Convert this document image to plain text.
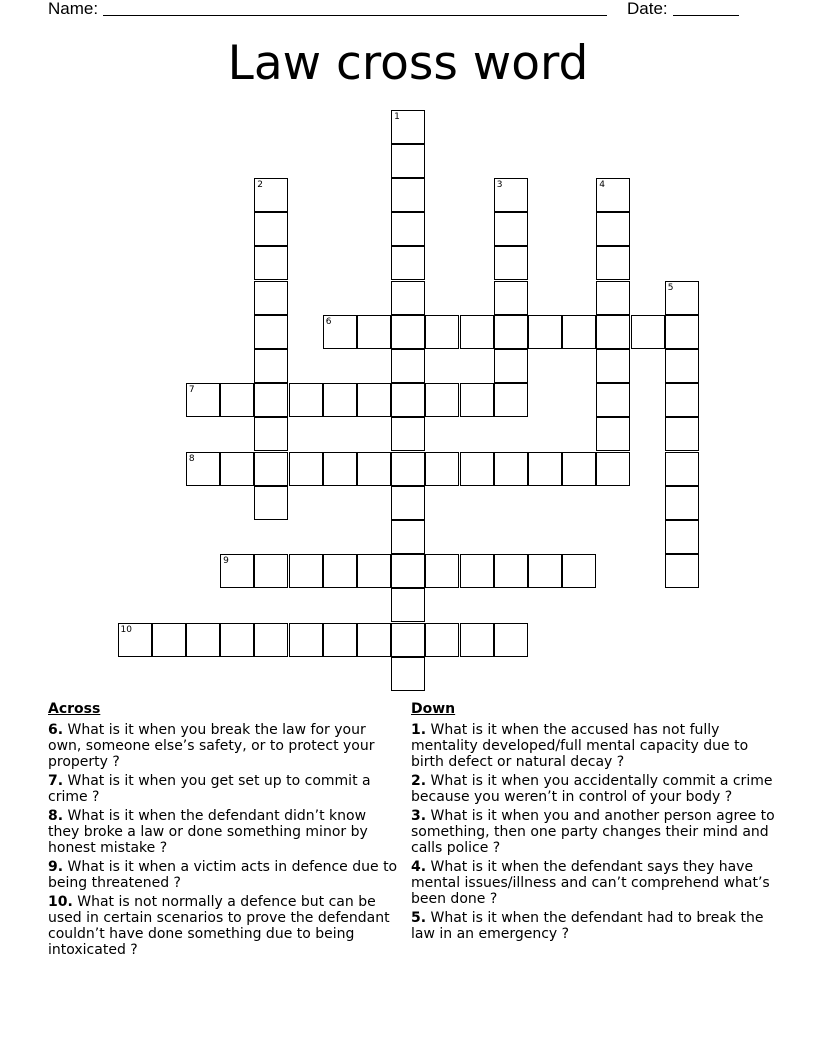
Name:	Date:
Law cross word
1
2	3	4
5
6
7
8
9
10
Across
6. What is it when you break the law for your own, someone else’s safety, or to protect your property ?
7. What is it when you get set up to commit a crime ?
8. What is it when the defendant didn’t know they broke a law or done something minor by honest mistake ?
9. What is it when a victim acts in defence due to being threatened ?
10. What is not normally a defence but can be used in certain scenarios to prove the defendant couldn’t have done something due to being intoxicated ?
Down
1. What is it when the accused has not fully mentality developed/full mental capacity due to birth defect or natural decay ?
2. What is it when you accidentally commit a crime because you weren’t in control of your body ?
3. What is it when you and another person agree to something, then one party changes their mind and calls police ?
4. What is it when the defendant says they have mental issues/illness and can’t comprehend what’s been done ?
5. What is it when the defendant had to break the law in an emergency ?
